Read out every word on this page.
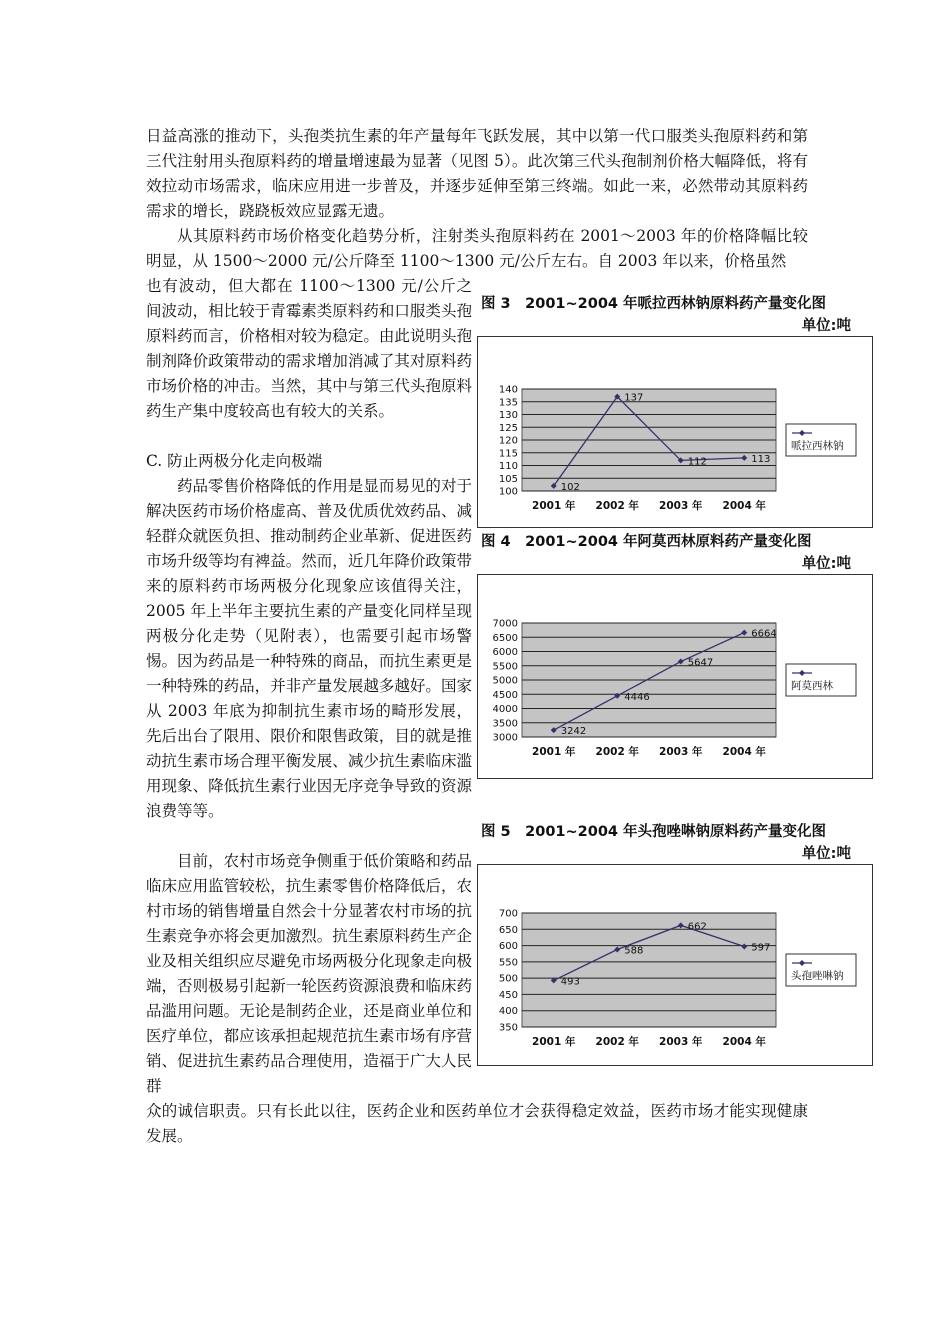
日益高涨的推动下，头孢类抗生素的年产量每年飞跃发展，其中以第一代口服类头孢原料药和第三代注射用头孢原料药的增量增速最为显著（见图 5）。此次第三代头孢制剂价格大幅降低，将有效拉动市场需求，临床应用进一步普及，并逐步延伸至第三终端。如此一来，必然带动其原料药需求的增长，跷跷板效应显露无遗。

从其原料药市场价格变化趋势分析，注射类头孢原料药在 2001～2003 年的价格降幅比较明显，从 1500～2000 元/公斤降至 1100～1300 元/公斤左右。自 2003 年以来，价格虽然

也有波动，但大都在 1100～1300 元/公斤之间波动，相比较于青霉素类原料药和口服类头孢原料药而言，价格相对较为稳定。由此说明头孢制剂降价政策带动的需求增加消减了其对原料药市场价格的冲击。当然，其中与第三代头孢原料药生产集中度较高也有较大的关系。

C. 防止两极分化走向极端

药品零售价格降低的作用是显而易见的对于解决医药市场价格虚高、普及优质优效药品、减轻群众就医负担、推动制药企业革新、促进医药市场升级等均有裨益。然而，近几年降价政策带来的原料药市场两极分化现象应该值得关注，2005 年上半年主要抗生素的产量变化同样呈现两极分化走势（见附表），也需要引起市场警惕。因为药品是一种特殊的商品，而抗生素更是一种特殊的药品，并非产量发展越多越好。国家从 2003 年底为抑制抗生素市场的畸形发展，先后出台了限用、限价和限售政策，目的就是推动抗生素市场合理平衡发展、减少抗生素临床滥用现象、降低抗生素行业因无序竞争导致的资源浪费等等。

目前，农村市场竞争侧重于低价策略和药品临床应用监管较松，抗生素零售价格降低后，农村市场的销售增量自然会十分显著农村市场的抗生素竞争亦将会更加激烈。抗生素原料药生产企业及相关组织应尽避免市场两极分化现象走向极端，否则极易引起新一轮医药资源浪费和临床药品滥用问题。无论是制药企业，还是商业单位和医疗单位，都应该承担起规范抗生素市场有序营销、促进抗生素药品合理使用，造福于广大人民群

众的诚信职责。只有长此以往，医药企业和医药单位才会获得稳定效益，医药市场才能实现健康发展。

图 3　2001~2004 年哌拉西林钠原料药产量变化图
单位:吨
100
105
110
115
120
125
130
135
140
2001 年 2002 年 2003 年 2004 年
102
137
112	113
哌拉西林钠
图 4　2001~2004 年阿莫西林原料药产量变化图
单位:吨
3000
3500
4000
4500
5000
5500
6000
6500
7000
2001 年 2002 年 2003 年 2004 年
3242
4446
5647
6664
阿莫西林
图 5　2001~2004 年头孢唑啉钠原料药产量变化图
单位:吨
350
400
450
500
550
600
650
700
2001 年 2002 年 2003 年 2004 年
493
588
662
597
头孢唑啉钠
